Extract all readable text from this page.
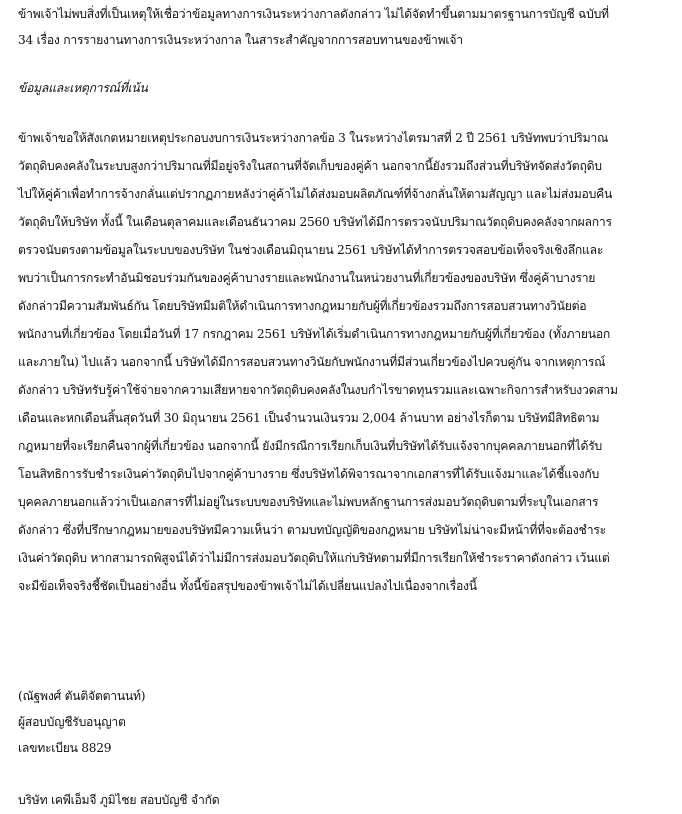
ข้าพเจ้าไม่พบสิ่งที่เป็นเหตุให้เชื่อว่าข้อมูลทางการเงินระหว่างกาลดังกล่าว ไม่ได้จัดทำขึ้นตามมาตรฐานการบัญชี ฉบับที่
34 เรื่อง การรายงานทางการเงินระหว่างกาล ในสาระสำคัญจากการสอบทานของข้าพเจ้า
ข้อมูลและเหตุการณ์ที่เน้น
ข้าพเจ้าขอให้สังเกตหมายเหตุประกอบงบการเงินระหว่างกาลข้อ 3 ในระหว่างไตรมาสที่ 2 ปี 2561 บริษัทพบว่าปริมาณ
วัตถุดิบคงคลังในระบบสูงกว่าปริมาณที่มีอยู่จริงในสถานที่จัดเก็บของคู่ค้า นอกจากนี้ยังรวมถึงส่วนที่บริษัทจัดส่งวัตถุดิบ
ไปให้คู่ค้าเพื่อทำการจ้างกลั่นแต่ปรากฏภายหลังว่าคู่ค้าไม่ได้ส่งมอบผลิตภัณฑ์ที่จ้างกลั่นให้ตามสัญญา และไม่ส่งมอบคืน
วัตถุดิบให้บริษัท ทั้งนี้ ในเดือนตุลาคมและเดือนธันวาคม 2560 บริษัทได้มีการตรวจนับปริมาณวัตถุดิบคงคลังจากผลการ
ตรวจนับตรงตามข้อมูลในระบบของบริษัท ในช่วงเดือนมิถุนายน 2561 บริษัทได้ทำการตรวจสอบข้อเท็จจริงเชิงลึกและ
พบว่าเป็นการกระทำอันมิชอบร่วมกันของคู่ค้าบางรายและพนักงานในหน่วยงานที่เกี่ยวข้องของบริษัท ซึ่งคู่ค้าบางราย
ดังกล่าวมีความสัมพันธ์กัน โดยบริษัทมีมติให้ดำเนินการทางกฎหมายกับผู้ที่เกี่ยวข้องรวมถึงการสอบสวนทางวินัยต่อ
พนักงานที่เกี่ยวข้อง โดยเมื่อวันที่ 17 กรกฎาคม 2561 บริษัทได้เริ่มดำเนินการทางกฎหมายกับผู้ที่เกี่ยวข้อง (ทั้งภายนอก
และภายใน) ไปแล้ว นอกจากนี้ บริษัทได้มีการสอบสวนทางวินัยกับพนักงานที่มีส่วนเกี่ยวข้องไปควบคู่กัน จากเหตุการณ์
ดังกล่าว บริษัทรับรู้ค่าใช้จ่ายจากความเสียหายจากวัตถุดิบคงคลังในงบกำไรขาดทุนรวมและเฉพาะกิจการสำหรับงวดสาม
เดือนและหกเดือนสิ้นสุดวันที่ 30 มิถุนายน 2561 เป็นจำนวนเงินรวม 2,004 ล้านบาท อย่างไรก็ตาม บริษัทมีสิทธิตาม
กฎหมายที่จะเรียกคืนจากผู้ที่เกี่ยวข้อง นอกจากนี้ ยังมีกรณีการเรียกเก็บเงินที่บริษัทได้รับแจ้งจากบุคคลภายนอกที่ได้รับ
โอนสิทธิการรับชำระเงินค่าวัตถุดิบไปจากคู่ค้าบางราย ซึ่งบริษัทได้พิจารณาจากเอกสารที่ได้รับแจ้งมาและได้ชี้แจงกับ
บุคคลภายนอกแล้วว่าเป็นเอกสารที่ไม่อยู่ในระบบของบริษัทและไม่พบหลักฐานการส่งมอบวัตถุดิบตามที่ระบุในเอกสาร
ดังกล่าว ซึ่งที่ปรึกษากฎหมายของบริษัทมีความเห็นว่า ตามบทบัญญัติของกฎหมาย บริษัทไม่น่าจะมีหน้าที่ที่จะต้องชำระ
เงินค่าวัตถุดิบ หากสามารถพิสูจน์ได้ว่าไม่มีการส่งมอบวัตถุดิบให้แก่บริษัทตามที่มีการเรียกให้ชำระราคาดังกล่าว เว้นแต่
จะมีข้อเท็จจริงชี้ชัดเป็นอย่างอื่น ทั้งนี้ข้อสรุปของข้าพเจ้าไม่ได้เปลี่ยนแปลงไปเนื่องจากเรื่องนี้
(ณัฐพงศ์ ตันติจัตตานนท์)
ผู้สอบบัญชีรับอนุญาต
เลขทะเบียน 8829
บริษัท เคพีเอ็มจี ภูมิไชย สอบบัญชี จำกัด
